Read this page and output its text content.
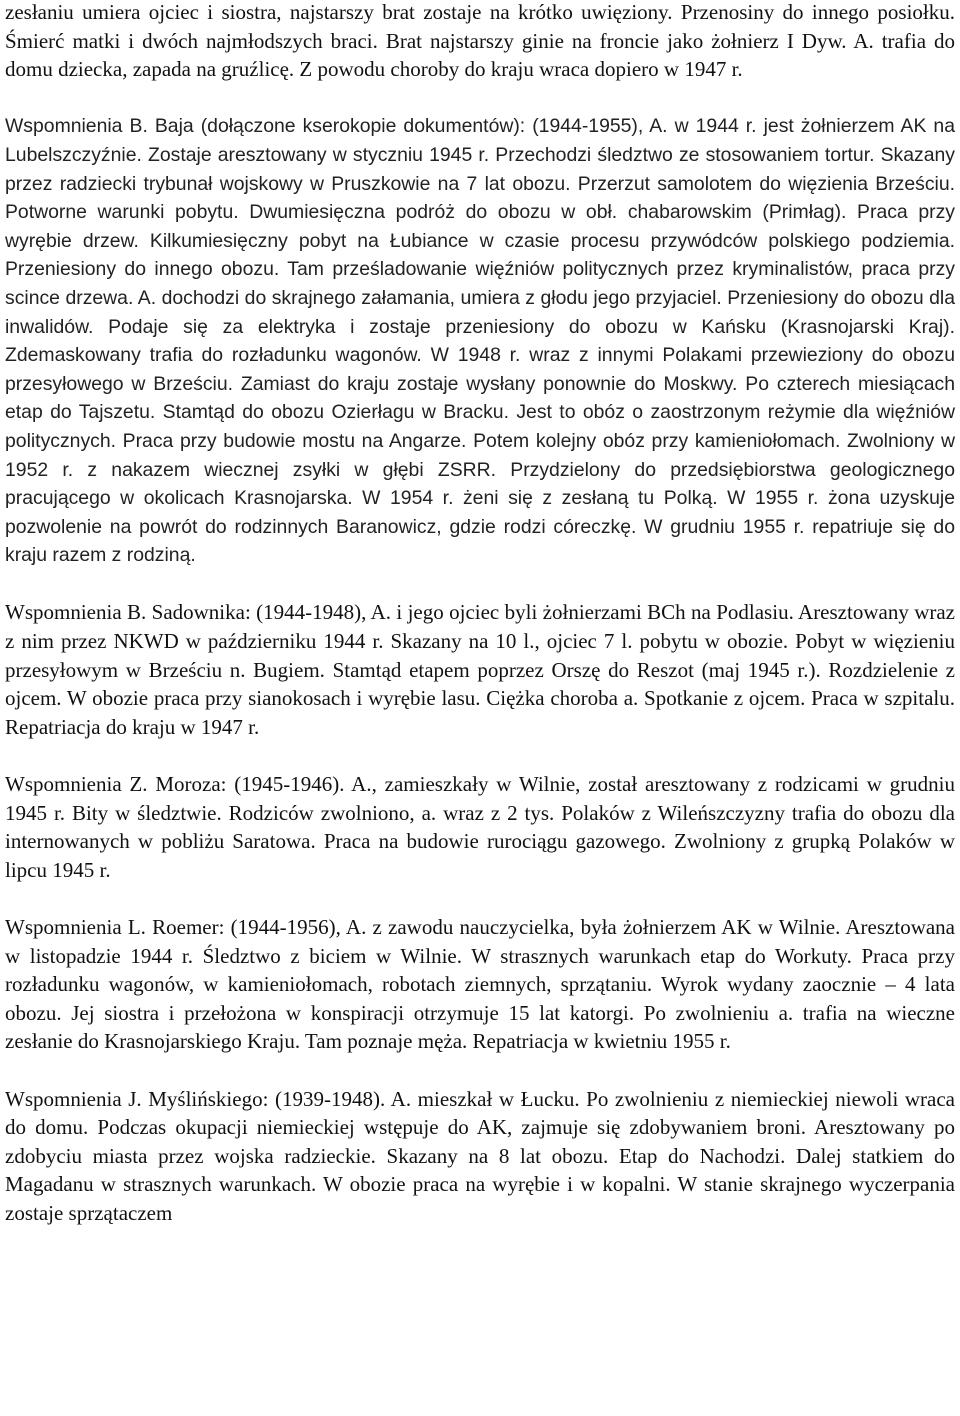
zesłaniu umiera ojciec i siostra, najstarszy brat zostaje na krótko uwięziony. Przenosiny do innego posiołku. Śmierć matki i dwóch najmłodszych braci. Brat najstarszy ginie na froncie jako żołnierz I Dyw. A. trafia do domu dziecka, zapada na gruźlicę. Z powodu choroby do kraju wraca dopiero w 1947 r.

Wspomnienia B. Baja (dołączone kserokopie dokumentów): (1944-1955), A. w 1944 r. jest żołnierzem AK na Lubelszczyźnie. Zostaje aresztowany w styczniu 1945 r. Przechodzi śledztwo ze stosowaniem tortur. Skazany przez radziecki trybunał wojskowy w Pruszkowie na 7 lat obozu. Przerzut samolotem do więzienia Brześciu. Potworne warunki pobytu. Dwumiesięczna podróż do obozu w obł. chabarowskim (Primłag). Praca przy wyrębie drzew. Kilkumiesięczny pobyt na Łubiance w czasie procesu przywódców polskiego podziemia. Przeniesiony do innego obozu. Tam prześladowanie więźniów politycznych przez kryminalistów, praca przy scince drzewa. A. dochodzi do skrajnego załamania, umiera z głodu jego przyjaciel. Przeniesiony do obozu dla inwalidów. Podaje się za elektryka i zostaje przeniesiony do obozu w Kańsku (Krasnojarski Kraj). Zdemaskowany trafia do rozładunku wagonów. W 1948 r. wraz z innymi Polakami przewieziony do obozu przesyłowego w Brześciu. Zamiast do kraju zostaje wysłany ponownie do Moskwy. Po czterech miesiącach etap do Tajszetu. Stamtąd do obozu Ozierłagu w Bracku. Jest to obóz o zaostrzonym reżymie dla więźniów politycznych. Praca przy budowie mostu na Angarze. Potem kolejny obóz przy kamieniołomach. Zwolniony w 1952 r. z nakazem wiecznej zsyłki w głębi ZSRR. Przydzielony do przedsiębiorstwa geologicznego pracującego w okolicach Krasnojarska. W 1954 r. żeni się z zesłaną tu Polką. W 1955 r. żona uzyskuje pozwolenie na powrót do rodzinnych Baranowicz, gdzie rodzi córeczkę. W grudniu 1955 r. repatriuje się do kraju razem z rodziną.

Wspomnienia B. Sadownika: (1944-1948), A. i jego ojciec byli żołnierzami BCh na Podlasiu. Aresztowany wraz z nim przez NKWD w październiku 1944 r. Skazany na 10 l., ojciec 7 l. pobytu w obozie. Pobyt w więzieniu przesyłowym w Brześciu n. Bugiem. Stamtąd etapem poprzez Orszę do Reszot (maj 1945 r.). Rozdzielenie z ojcem. W obozie praca przy sianokosach i wyrębie lasu. Ciężka choroba a. Spotkanie z ojcem. Praca w szpitalu. Repatriacja do kraju w 1947 r.

Wspomnienia Z. Moroza: (1945-1946). A., zamieszkały w Wilnie, został aresztowany z rodzicami w grudniu 1945 r. Bity w śledztwie. Rodziców zwolniono, a. wraz z 2 tys. Polaków z Wileńszczyzny trafia do obozu dla internowanych w pobliżu Saratowa. Praca na budowie rurociągu gazowego. Zwolniony z grupką Polaków w lipcu 1945 r.

Wspomnienia L. Roemer: (1944-1956), A. z zawodu nauczycielka, była żołnierzem AK w Wilnie. Aresztowana w listopadzie 1944 r. Śledztwo z biciem w Wilnie. W strasznych warunkach etap do Workuty. Praca przy rozładunku wagonów, w kamieniołomach, robotach ziemnych, sprzątaniu. Wyrok wydany zaocznie – 4 lata obozu. Jej siostra i przełożona w konspiracji otrzymuje 15 lat katorgi. Po zwolnieniu a. trafia na wieczne zesłanie do Krasnojarskiego Kraju. Tam poznaje męża. Repatriacja w kwietniu 1955 r.

Wspomnienia J. Myślińskiego: (1939-1948). A. mieszkał w Łucku. Po zwolnieniu z niemieckiej niewoli wraca do domu. Podczas okupacji niemieckiej wstępuje do AK, zajmuje się zdobywaniem broni. Aresztowany po zdobyciu miasta przez wojska radzieckie. Skazany na 8 lat obozu. Etap do Nachodzi. Dalej statkiem do Magadanu w strasznych warunkach. W obozie praca na wyrębie i w kopalni. W stanie skrajnego wyczerpania zostaje sprzątaczem
